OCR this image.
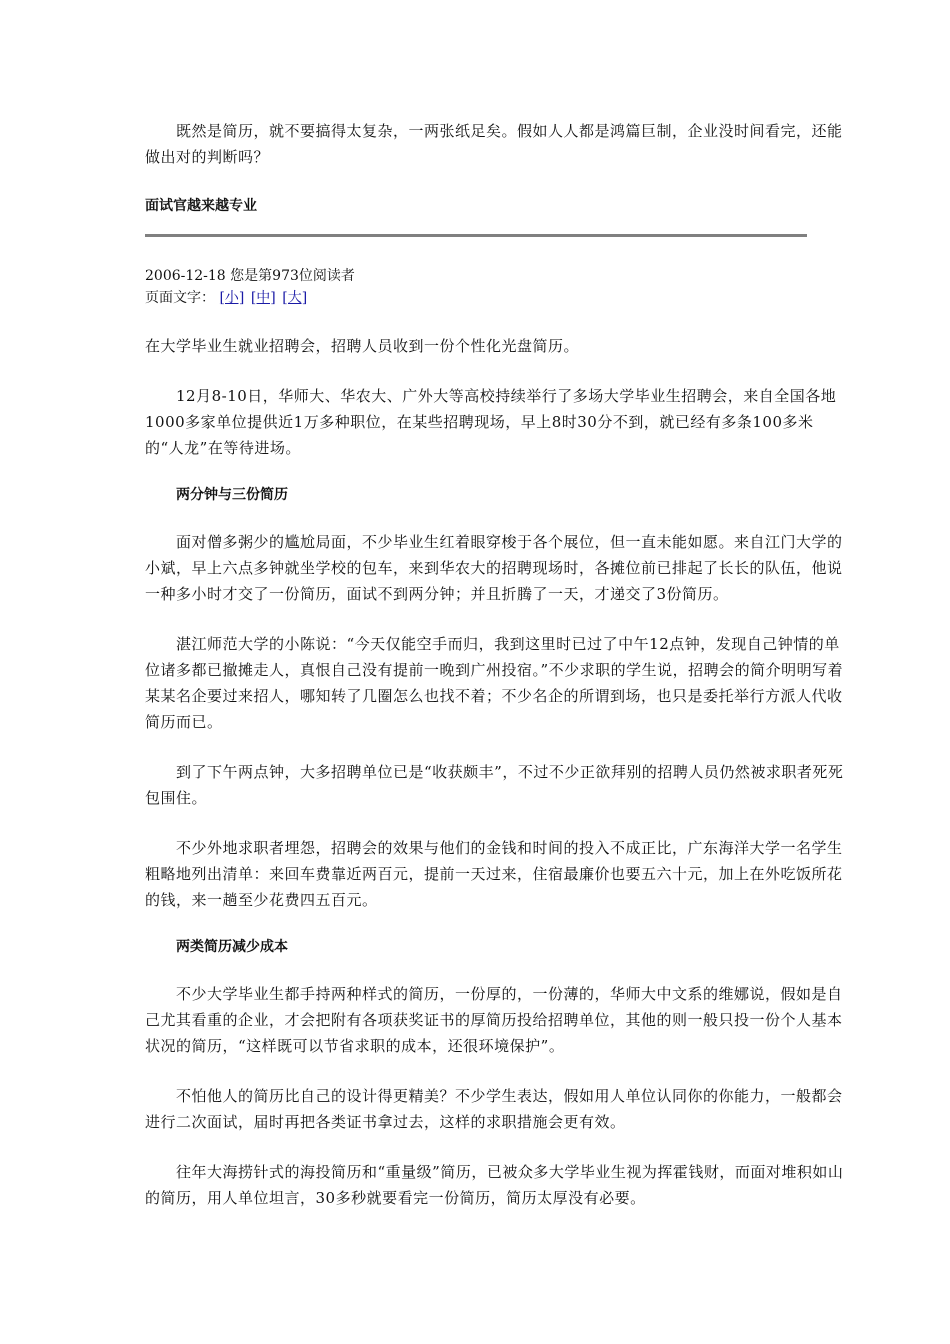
既然是简历，就不要搞得太复杂，一两张纸足矣。假如人人都是鸿篇巨制，企业没时间看完，还能做出对的判断吗？

面试官越来越专业
2006-12-18 您是第973位阅读者
页面文字： [小] [中] [大]

在大学毕业生就业招聘会，招聘人员收到一份个性化光盘简历。

12月8-10日，华师大、华农大、广外大等高校持续举行了多场大学毕业生招聘会，来自全国各地1000多家单位提供近1万多种职位，在某些招聘现场，早上8时30分不到，就已经有多条100多米的“人龙”在等待进场。

两分钟与三份简历

面对僧多粥少的尴尬局面，不少毕业生红着眼穿梭于各个展位，但一直未能如愿。来自江门大学的小斌，早上六点多钟就坐学校的包车，来到华农大的招聘现场时，各摊位前已排起了长长的队伍，他说一种多小时才交了一份简历，面试不到两分钟；并且折腾了一天，才递交了3份简历。

湛江师范大学的小陈说：“今天仅能空手而归，我到这里时已过了中午12点钟，发现自己钟情的单位诸多都已撤摊走人，真恨自己没有提前一晚到广州投宿。”不少求职的学生说，招聘会的简介明明写着某某名企要过来招人，哪知转了几圈怎么也找不着；不少名企的所谓到场，也只是委托举行方派人代收简历而已。

到了下午两点钟，大多招聘单位已是“收获颇丰”，不过不少正欲拜别的招聘人员仍然被求职者死死包围住。

不少外地求职者埋怨，招聘会的效果与他们的金钱和时间的投入不成正比，广东海洋大学一名学生粗略地列出清单：来回车费靠近两百元，提前一天过来，住宿最廉价也要五六十元，加上在外吃饭所花的钱，来一趟至少花费四五百元。

两类简历减少成本

不少大学毕业生都手持两种样式的简历，一份厚的，一份薄的，华师大中文系的维娜说，假如是自己尤其看重的企业，才会把附有各项获奖证书的厚简历投给招聘单位，其他的则一般只投一份个人基本状况的简历，“这样既可以节省求职的成本，还很环境保护”。

不怕他人的简历比自己的设计得更精美？不少学生表达，假如用人单位认同你的你能力，一般都会进行二次面试，届时再把各类证书拿过去，这样的求职措施会更有效。

往年大海捞针式的海投简历和“重量级”简历，已被众多大学毕业生视为挥霍钱财，而面对堆积如山的简历，用人单位坦言，30多秒就要看完一份简历，简历太厚没有必要。
